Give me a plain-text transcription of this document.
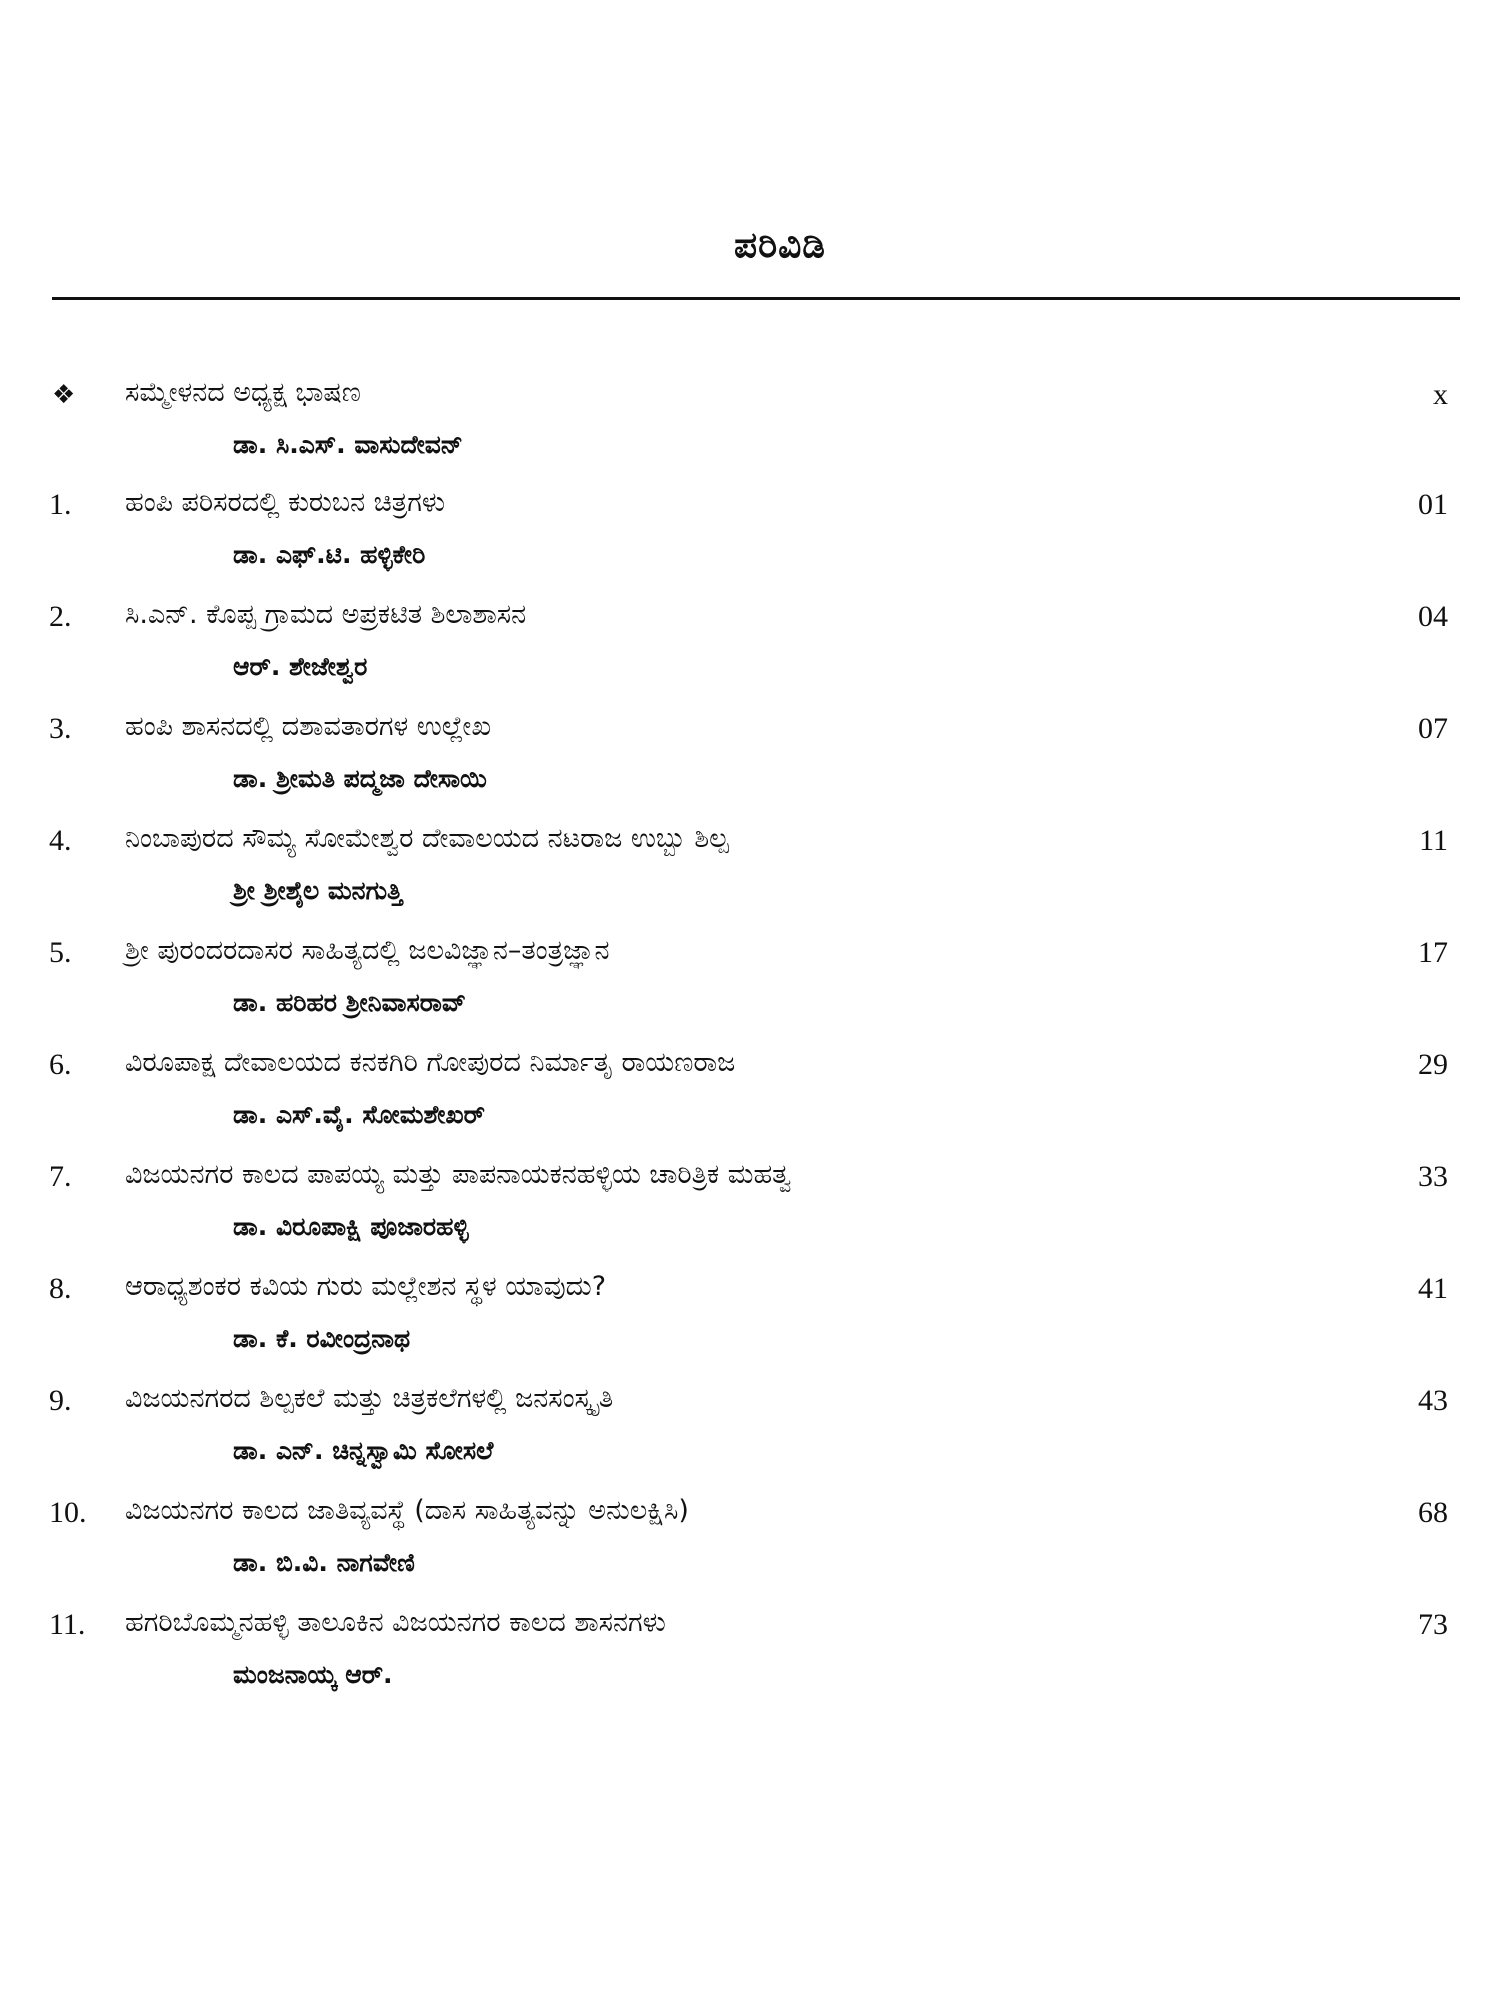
ಪರಿವಿಡಿ
❖ ಸಮ್ಮೇಳನದ ಅಧ್ಯಕ್ಷ ಭಾಷಣ
ಡಾ. ಸಿ.ಎಸ್. ವಾಸುದೇವನ್
x
1. ಹಂಪಿ ಪರಿಸರದಲ್ಲಿ ಕುರುಬನ ಚಿತ್ರಗಳು
ಡಾ. ಎಫ್.ಟಿ. ಹಳ್ಳಿಕೇರಿ
01
2. ಸಿ.ಎನ್. ಕೊಪ್ಪ ಗ್ರಾಮದ ಅಪ್ರಕಟಿತ ಶಿಲಾಶಾಸನ
ಆರ್. ಶೇಜೇಶ್ವರ
04
3. ಹಂಪಿ ಶಾಸನದಲ್ಲಿ ದಶಾವತಾರಗಳ ಉಲ್ಲೇಖ
ಡಾ. ಶ್ರೀಮತಿ ಪದ್ಮಜಾ ದೇಸಾಯಿ
07
4. ನಿಂಬಾಪುರದ ಸೌಮ್ಯ ಸೋಮೇಶ್ವರ ದೇವಾಲಯದ ನಟರಾಜ ಉಬ್ಬು ಶಿಲ್ಪ
ಶ್ರೀ ಶ್ರೀಶೈಲ ಮನಗುತ್ತಿ
11
5. ಶ್ರೀ ಪುರಂದರದಾಸರ ಸಾಹಿತ್ಯದಲ್ಲಿ ಜಲವಿಜ್ಞಾನ–ತಂತ್ರಜ್ಞಾನ
ಡಾ. ಹರಿಹರ ಶ್ರೀನಿವಾಸರಾವ್
17
6. ವಿರೂಪಾಕ್ಷ ದೇವಾಲಯದ ಕನಕಗಿರಿ ಗೋಪುರದ ನಿರ್ಮಾತೃ ರಾಯಣರಾಜ
ಡಾ. ಎಸ್.ವೈ. ಸೋಮಶೇಖರ್
29
7. ವಿಜಯನಗರ ಕಾಲದ ಪಾಪಯ್ಯ ಮತ್ತು ಪಾಪನಾಯಕನಹಳ್ಳಿಯ ಚಾರಿತ್ರಿಕ ಮಹತ್ವ
ಡಾ. ವಿರೂಪಾಕ್ಷಿ ಪೂಜಾರಹಳ್ಳಿ
33
8. ಆರಾಧ್ಯಶಂಕರ ಕವಿಯ ಗುರು ಮಲ್ಲೇಶನ ಸ್ಥಳ ಯಾವುದು?
ಡಾ. ಕೆ. ರವೀಂದ್ರನಾಥ
41
9. ವಿಜಯನಗರದ ಶಿಲ್ಪಕಲೆ ಮತ್ತು ಚಿತ್ರಕಲೆಗಳಲ್ಲಿ ಜನಸಂಸ್ಕೃತಿ
ಡಾ. ಎನ್. ಚಿನ್ನಸ್ವಾಮಿ ಸೋಸಲೆ
43
10. ವಿಜಯನಗರ ಕಾಲದ ಜಾತಿವ್ಯವಸ್ಥೆ (ದಾಸ ಸಾಹಿತ್ಯವನ್ನು ಅನುಲಕ್ಷಿಸಿ)
ಡಾ. ಬಿ.ವಿ. ನಾಗವೇಣಿ
68
11. ಹಗರಿಬೊಮ್ಮನಹಳ್ಳಿ ತಾಲೂಕಿನ ವಿಜಯನಗರ ಕಾಲದ ಶಾಸನಗಳು
ಮಂಜನಾಯ್ಕ ಆರ್.
73
